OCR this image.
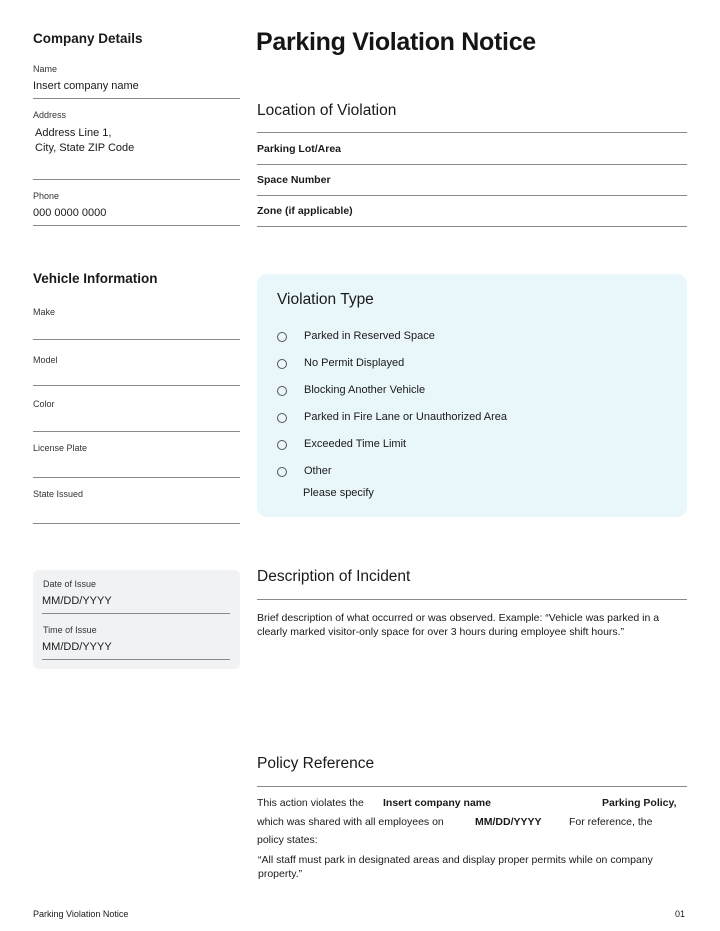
Company Details
Name
Insert company name
Address
Address Line 1,
City, State ZIP Code
Phone
000 0000 0000
Vehicle Information
Make
Model
Color
License Plate
State Issued
Date of Issue
MM/DD/YYYY
Time of Issue
MM/DD/YYYY
Parking Violation Notice
Location of Violation
Parking Lot/Area
Space Number
Zone (if applicable)
Violation Type
Parked in Reserved Space
No Permit Displayed
Blocking Another Vehicle
Parked in Fire Lane or Unauthorized Area
Exceeded Time Limit
Other
Please specify
Description of Incident
Brief description of what occurred or was observed. Example: “Vehicle was parked in a clearly marked visitor-only space for over 3 hours during employee shift hours.”
Policy Reference
This action violates the Insert company name	Parking Policy,
which was shared with all employees on	MM/DD/YYYY	For reference, the
policy states:
“All staff must park in designated areas and display proper permits while on company property.”
Parking Violation Notice	01
